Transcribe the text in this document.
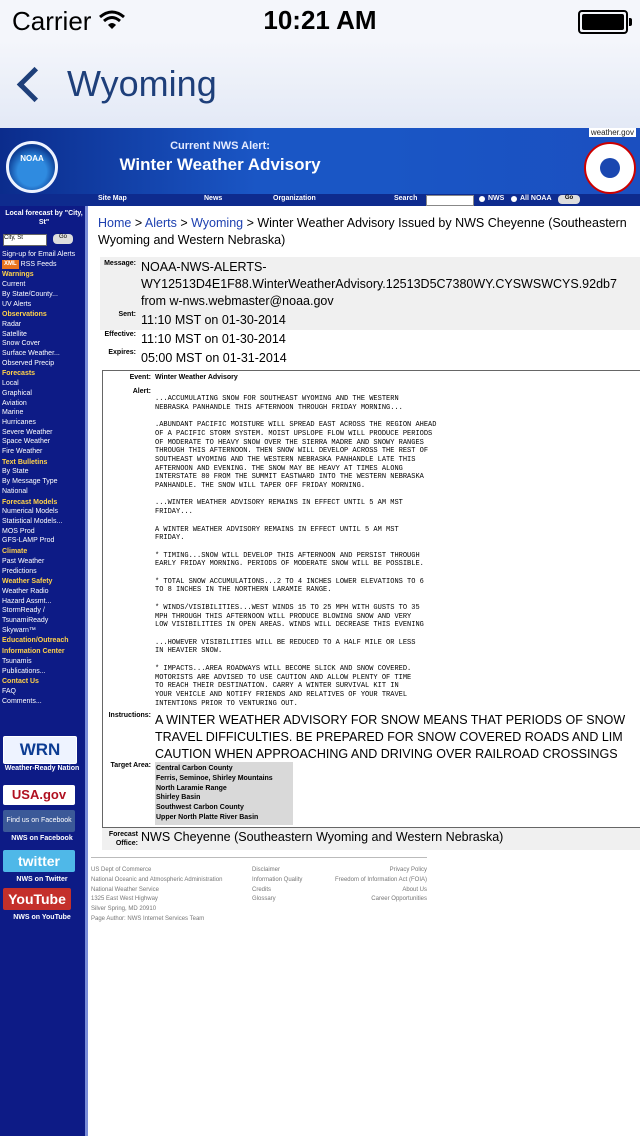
Carrier	10:21 AM
Wyoming
NOAA
Current NWS Alert:
Winter Weather Advisory
weather.gov
Site Map	News	Organization	Search	NWS All NOAA	Go
Local forecast by "City, St"
City, St	Go
Sign-up for Email Alerts
XML RSS Feeds
Warnings
Current
By State/County...
UV Alerts
Observations
Radar
Satellite
Snow Cover
Surface Weather...
Observed Precip
Forecasts
Local
Graphical
Aviation
Marine
Hurricanes
Severe Weather
Space Weather
Fire Weather
Text Bulletins
By State
By Message Type
National
Forecast Models
Numerical Models
Statistical Models...
MOS Prod
GFS-LAMP Prod
Climate
Past Weather
Predictions
Weather Safety
Weather Radio
Hazard Assmt...
StormReady /
TsunamiReady
Skywarn™
Education/Outreach
Information Center
Tsunamis
Publications...
Contact Us
FAQ
Comments...
WRN
Weather-Ready Nation
USA.gov
Find us on Facebook
NWS on Facebook
twitter
NWS on Twitter
YouTube
NWS on YouTube
Home > Alerts > Wyoming > Winter Weather Advisory Issued by NWS Cheyenne (Southeastern Wyoming and Western Nebraska)
Message: NOAA-NWS-ALERTS-
WY12513D4E1F88.WinterWeatherAdvisory.12513D5C7380WY.CYSWSWCYS.92db7
from w-nws.webmaster@noaa.gov
Sent: 11:10 MST on 01-30-2014
Effective: 11:10 MST on 01-30-2014
Expires: 05:00 MST on 01-31-2014
Event: Winter Weather Advisory
Alert:
...ACCUMULATING SNOW FOR SOUTHEAST WYOMING AND THE WESTERN
NEBRASKA PANHANDLE THIS AFTERNOON THROUGH FRIDAY MORNING...

.ABUNDANT PACIFIC MOISTURE WILL SPREAD EAST ACROSS THE REGION AHEAD
OF A PACIFIC STORM SYSTEM. MOIST UPSLOPE FLOW WILL PRODUCE PERIODS
OF MODERATE TO HEAVY SNOW OVER THE SIERRA MADRE AND SNOWY RANGES
THROUGH THIS AFTERNOON. THEN SNOW WILL DEVELOP ACROSS THE REST OF
SOUTHEAST WYOMING AND THE WESTERN NEBRASKA PANHANDLE LATE THIS
AFTERNOON AND EVENING. THE SNOW MAY BE HEAVY AT TIMES ALONG
INTERSTATE 80 FROM THE SUMMIT EASTWARD INTO THE WESTERN NEBRASKA
PANHANDLE. THE SNOW WILL TAPER OFF FRIDAY MORNING.

...WINTER WEATHER ADVISORY REMAINS IN EFFECT UNTIL 5 AM MST
FRIDAY...

A WINTER WEATHER ADVISORY REMAINS IN EFFECT UNTIL 5 AM MST
FRIDAY.

* TIMING...SNOW WILL DEVELOP THIS AFTERNOON AND PERSIST THROUGH
EARLY FRIDAY MORNING. PERIODS OF MODERATE SNOW WILL BE POSSIBLE.

* TOTAL SNOW ACCUMULATIONS...2 TO 4 INCHES LOWER ELEVATIONS TO 6
TO 8 INCHES IN THE NORTHERN LARAMIE RANGE.

* WINDS/VISIBILITIES...WEST WINDS 15 TO 25 MPH WITH GUSTS TO 35
MPH THROUGH THIS AFTERNOON WILL PRODUCE BLOWING SNOW AND VERY
LOW VISIBILITIES IN OPEN AREAS. WINDS WILL DECREASE THIS EVENING

...HOWEVER VISIBILITIES WILL BE REDUCED TO A HALF MILE OR LESS
IN HEAVIER SNOW.

* IMPACTS...AREA ROADWAYS WILL BECOME SLICK AND SNOW COVERED.
MOTORISTS ARE ADVISED TO USE CAUTION AND ALLOW PLENTY OF TIME
TO REACH THEIR DESTINATION. CARRY A WINTER SURVIVAL KIT IN
YOUR VEHICLE AND NOTIFY FRIENDS AND RELATIVES OF YOUR TRAVEL
INTENTIONS PRIOR TO VENTURING OUT.
Instructions: A WINTER WEATHER ADVISORY FOR SNOW MEANS THAT PERIODS OF SNOW
TRAVEL DIFFICULTIES. BE PREPARED FOR SNOW COVERED ROADS AND LIM
CAUTION WHEN APPROACHING AND DRIVING OVER RAILROAD CROSSINGS
Target Area: Central Carbon County
Ferris, Seminoe, Shirley Mountains
North Laramie Range
Shirley Basin
Southwest Carbon County
Upper North Platte River Basin
Forecast
Office: NWS Cheyenne (Southeastern Wyoming and Western Nebraska)
US Dept of Commerce
National Oceanic and Atmospheric Administration
National Weather Service
1325 East West Highway
Silver Spring, MD 20910
Page Author: NWS Internet Services Team
Disclaimer
Information Quality
Credits
Glossary
Privacy Policy
Freedom of Information Act (FOIA)
About Us
Career Opportunities
